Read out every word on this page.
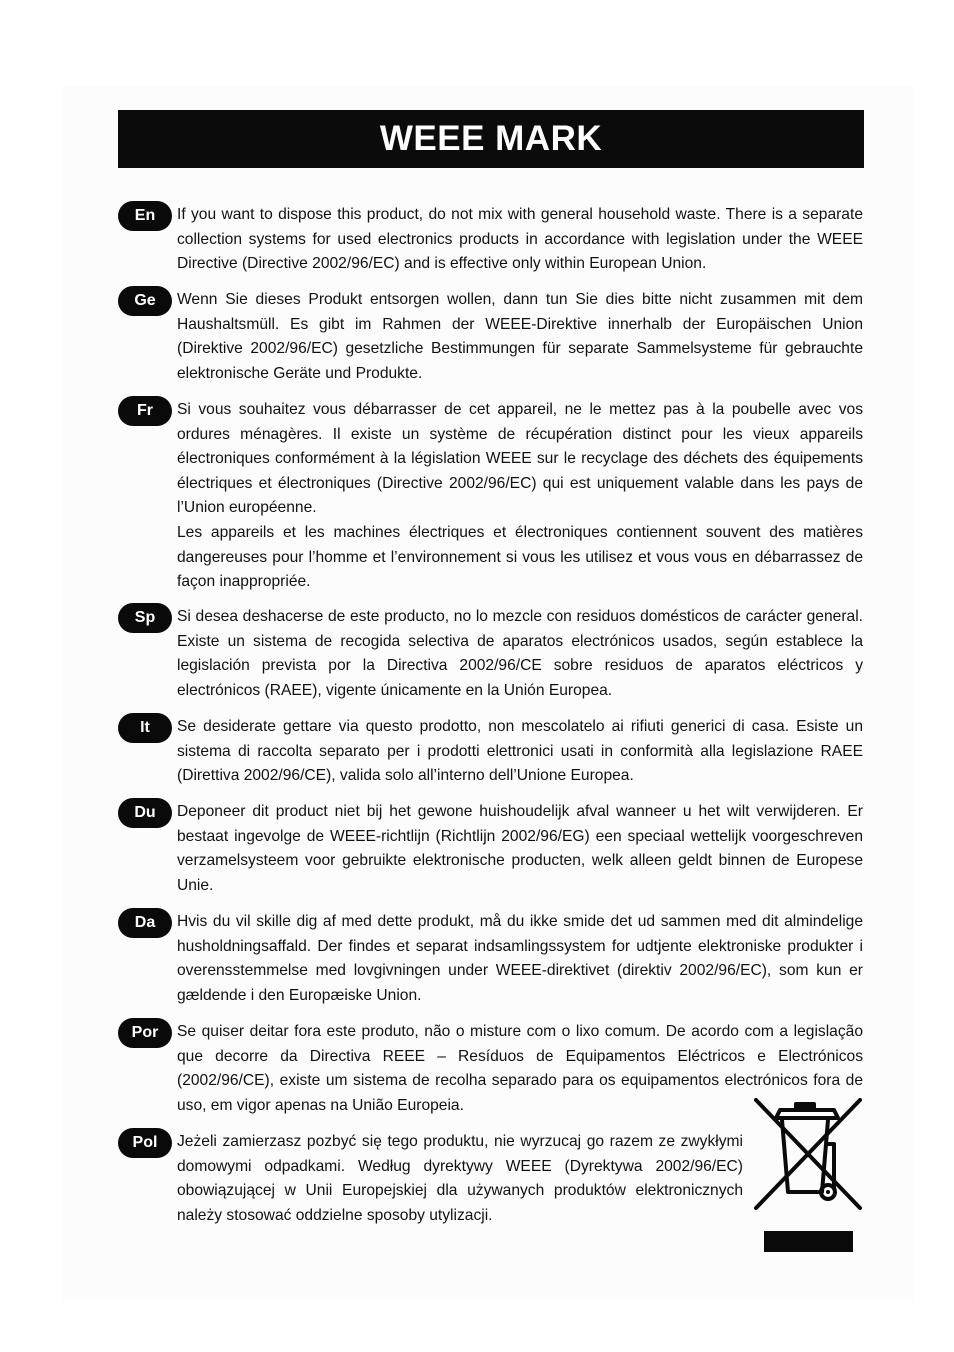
WEEE MARK
En	If you want to dispose this product, do not mix with general household waste. There is a separate collection systems for used electronics products in accordance with legislation under the WEEE Directive (Directive 2002/96/EC) and is effective only within European Union.

Ge	Wenn Sie dieses Produkt entsorgen wollen, dann tun Sie dies bitte nicht zusammen mit dem Haushaltsmüll. Es gibt im Rahmen der WEEE-Direktive innerhalb der Europäischen Union (Direktive 2002/96/EC) gesetzliche Bestimmungen für separate Sammelsysteme für gebrauchte elektronische Geräte und Produkte.

Fr	Si vous souhaitez vous débarrasser de cet appareil, ne le mettez pas à la poubelle avec vos ordures ménagères. Il existe un système de récupération distinct pour les vieux appareils électroniques conformément à la législation WEEE sur le recyclage des déchets des équipements électriques et électroniques (Directive 2002/96/EC) qui est uniquement valable dans les pays de l’Union européenne.

Les appareils et les machines électriques et électroniques contiennent souvent des matières dangereuses pour l’homme et l’environnement si vous les utilisez et vous vous en débarrassez de façon inappropriée.

Sp	Si desea deshacerse de este producto, no lo mezcle con residuos domésticos de carácter general. Existe un sistema de recogida selectiva de aparatos electrónicos usados, según establece la legislación prevista por la Directiva 2002/96/CE sobre residuos de aparatos eléctricos y electrónicos (RAEE), vigente únicamente en la Unión Europea.

It	Se desiderate gettare via questo prodotto, non mescolatelo ai rifiuti generici di casa. Esiste un sistema di raccolta separato per i prodotti elettronici usati in conformità alla legislazione RAEE (Direttiva 2002/96/CE), valida solo all’interno dell’Unione Europea.

Du	Deponeer dit product niet bij het gewone huishoudelijk afval wanneer u het wilt verwijderen. Er bestaat ingevolge de WEEE-richtlijn (Richtlijn 2002/96/EG) een speciaal wettelijk voorgeschreven verzamelsysteem voor gebruikte elektronische producten, welk alleen geldt binnen de Europese Unie.

Da	Hvis du vil skille dig af med dette produkt, må du ikke smide det ud sammen med dit almindelige husholdningsaffald. Der findes et separat indsamlingssystem for udtjente elektroniske produkter i overensstemmelse med lovgivningen under WEEE-direktivet (direktiv 2002/96/EC), som kun er gældende i den Europæiske Union.

Por	Se quiser deitar fora este produto, não o misture com o lixo comum. De acordo com a legislação que decorre da Directiva REEE – Resíduos de Equipamentos Eléctricos e Electrónicos (2002/96/CE), existe um sistema de recolha separado para os equipamentos electrónicos fora de uso, em vigor apenas na União Europeia.

Pol	Jeżeli zamierzasz pozbyć się tego produktu, nie wyrzucaj go razem ze zwykłymi domowymi odpadkami. Według dyrektywy WEEE (Dyrektywa 2002/96/EC) obowiązującej w Unii Europejskiej dla używanych produktów elektronicznych należy stosować oddzielne sposoby utylizacji.
